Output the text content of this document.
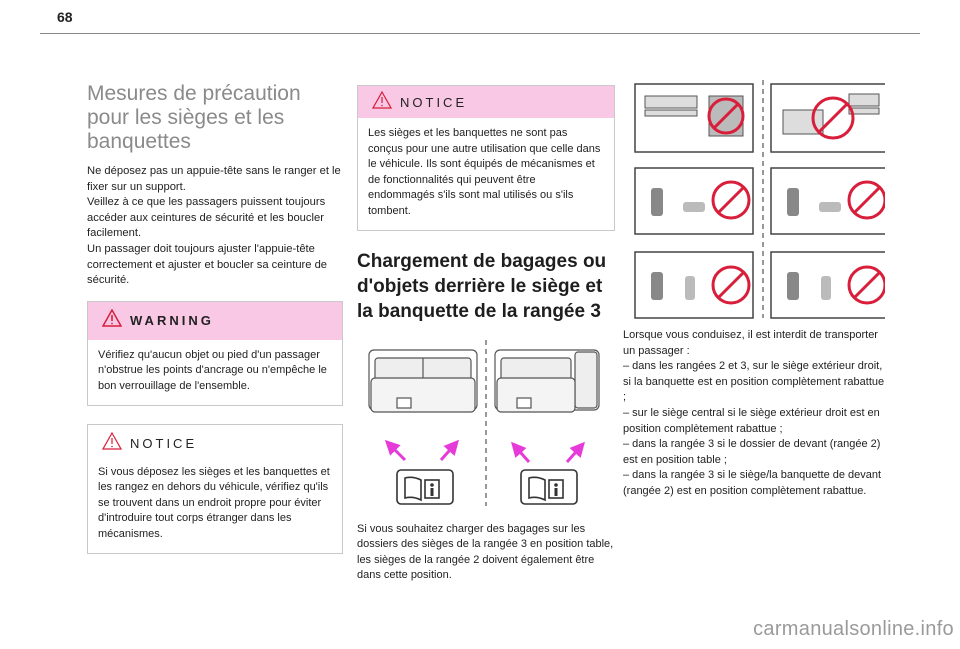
68
Mesures de précaution pour les sièges et les banquettes

Ne déposez pas un appuie-tête sans le ranger et le fixer sur un support.

Veillez à ce que les passagers puissent toujours accéder aux ceintures de sécurité et les boucler facilement.

Un passager doit toujours ajuster l'appuie-tête correctement et ajuster et boucler sa ceinture de sécurité.

WARNING
Vérifiez qu'aucun objet ou pied d'un passager n'obstrue les points d'ancrage ou n'empêche le bon verrouillage de l'ensemble.
NOTICE
Si vous déposez les sièges et les banquettes et les rangez en dehors du véhicule, vérifiez qu'ils se trouvent dans un endroit propre pour éviter d'introduire tout corps étranger dans les mécanismes.
NOTICE
Les sièges et les banquettes ne sont pas conçus pour une autre utilisation que celle dans le véhicule. Ils sont équipés de mécanismes et de fonctionnalités qui peuvent être endommagés s'ils sont mal utilisés ou s'ils tombent.
Chargement de bagages ou d'objets derrière le siège et la banquette de la rangée 3

Si vous souhaitez charger des bagages sur les dossiers des sièges de la rangée 3 en position table, les sièges de la rangée 2 doivent également être dans cette position.

Lorsque vous conduisez, il est interdit de transporter un passager :

– dans les rangées 2 et 3, sur le siège extérieur droit, si la banquette est en position complètement rabattue ;

– sur le siège central si le siège extérieur droit est en position complètement rabattue ;

– dans la rangée 3 si le dossier de devant (rangée 2) est en position table ;

– dans la rangée 3 si le siège/la banquette de devant (rangée 2) est en position complètement rabattue.

carmanualsonline.info
